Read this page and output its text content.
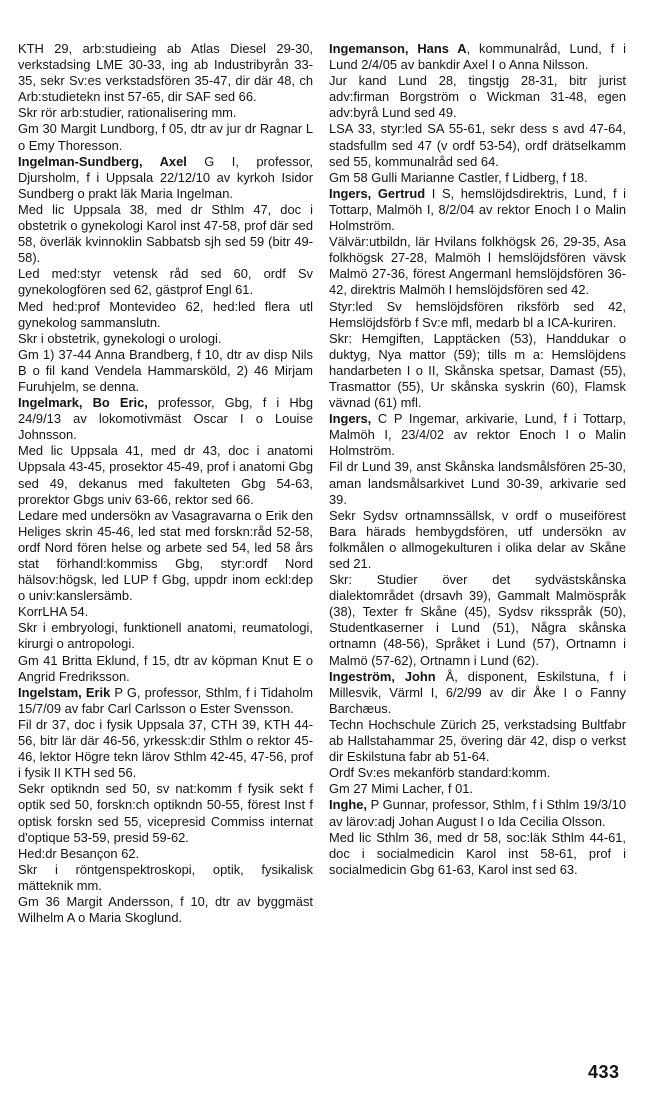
KTH 29, arb:studieing ab Atlas Diesel 29-30, verkstadsing LME 30-33, ing ab Industribyrån 33-35, sekr Sv:es verkstadsfören 35-47, dir där 48, ch Arb:studietekn inst 57-65, dir SAF sed 66.

Skr rör arb:studier, rationalisering mm.

Gm 30 Margit Lundborg, f 05, dtr av jur dr Ragnar L o Emy Thoresson.

Ingelman-Sundberg, Axel G I, professor, Djursholm, f i Uppsala 22/12/10 av kyrkoh Isidor Sundberg o prakt läk Maria Ingelman.

Med lic Uppsala 38, med dr Sthlm 47, doc i obstetrik o gynekologi Karol inst 47-58, prof där sed 58, överläk kvinnoklin Sabbatsb sjh sed 59 (bitr 49-58).

Led med:styr vetensk råd sed 60, ordf Sv gynekologfören sed 62, gästprof Engl 61.

Med hed:prof Montevideo 62, hed:led flera utl gynekolog sammanslutn.

Skr i obstetrik, gynekologi o urologi.

Gm 1) 37-44 Anna Brandberg, f 10, dtr av disp Nils B o fil kand Vendela Hammarsköld, 2) 46 Mirjam Furuhjelm, se denna.

Ingelmark, Bo Eric, professor, Gbg, f i Hbg 24/9/13 av lokomotivmäst Oscar I o Louise Johnsson.

Med lic Uppsala 41, med dr 43, doc i anatomi Uppsala 43-45, prosektor 45-49, prof i anatomi Gbg sed 49, dekanus med fakulteten Gbg 54-63, prorektor Gbgs univ 63-66, rektor sed 66.

Ledare med undersökn av Vasagravarna o Erik den Heliges skrin 45-46, led stat med forskn:råd 52-58, ordf Nord fören helse og arbete sed 54, led 58 års stat förhandl:kommiss Gbg, styr:ordf Nord hälsov:högsk, led LUP f Gbg, uppdr inom eckl:dep o univ:kanslersämb.

KorrLHA 54.

Skr i embryologi, funktionell anatomi, reumatologi, kirurgi o antropologi.

Gm 41 Britta Eklund, f 15, dtr av köpman Knut E o Angrid Fredriksson.

Ingelstam, Erik P G, professor, Sthlm, f i Tidaholm 15/7/09 av fabr Carl Carlsson o Ester Svensson.

Fil dr 37, doc i fysik Uppsala 37, CTH 39, KTH 44-56, bitr lär där 46-56, yrkessk:dir Sthlm o rektor 45-46, lektor Högre tekn lärov Sthlm 42-45, 47-56, prof i fysik II KTH sed 56.

Sekr optikndn sed 50, sv nat:komm f fysik sekt f optik sed 50, forskn:ch optikndn 50-55, förest Inst f optisk forskn sed 55, vicepresid Commiss internat d'optique 53-59, presid 59-62.

Hed:dr Besançon 62.

Skr i röntgenspektroskopi, optik, fysikalisk mätteknik mm.

Gm 36 Margit Andersson, f 10, dtr av byggmäst Wilhelm A o Maria Skoglund.

Ingemanson, Hans A, kommunalråd, Lund, f i Lund 2/4/05 av bankdir Axel I o Anna Nilsson.

Jur kand Lund 28, tingstjg 28-31, bitr jurist adv:firman Borgström o Wickman 31-48, egen adv:byrå Lund sed 49.

LSA 33, styr:led SA 55-61, sekr dess s avd 47-64, stadsfullm sed 47 (v ordf 53-54), ordf drätselkamm sed 55, kommunalråd sed 64.

Gm 58 Gulli Marianne Castler, f Lidberg, f 18.

Ingers, Gertrud I S, hemslöjdsdirektris, Lund, f i Tottarp, Malmöh I, 8/2/04 av rektor Enoch I o Malin Holmström.

Välvär:utbildn, lär Hvilans folkhögsk 26, 29-35, Asa folkhögsk 27-28, Malmöh l hemslöjdsfören vävsk Malmö 27-36, förest Angermanl hemslöjdsfören 36-42, direktris Malmöh I hemslöjdsfören sed 42.

Styr:led Sv hemslöjdsfören riksförb sed 42, Hemslöjdsförb f Sv:e mfl, medarb bl a ICA-kuriren.

Skr: Hemgiften, Lapptäcken (53), Handdukar o duktyg, Nya mattor (59); tills m a: Hemslöjdens handarbeten I o II, Skånska spetsar, Damast (55), Trasmattor (55), Ur skånska syskrin (60), Flamsk vävnad (61) mfl.

Ingers, C P Ingemar, arkivarie, Lund, f i Tottarp, Malmöh I, 23/4/02 av rektor Enoch I o Malin Holmström.

Fil dr Lund 39, anst Skånska landsmålsfören 25-30, aman landsmålsarkivet Lund 30-39, arkivarie sed 39.

Sekr Sydsv ortnamnssällsk, v ordf o museiförest Bara härads hembygdsfören, utf undersökn av folkmålen o allmogekulturen i olika delar av Skåne sed 21.

Skr: Studier över det sydvästskånska dialektområdet (drsavh 39), Gammalt Malmöspråk (38), Texter fr Skåne (45), Sydsv riksspråk (50), Studentkaserner i Lund (51), Några skånska ortnamn (48-56), Språket i Lund (57), Ortnamn i Malmö (57-62), Ortnamn i Lund (62).

Ingeström, John Å, disponent, Eskilstuna, f i Millesvik, Värml I, 6/2/99 av dir Åke I o Fanny Barchæus.

Techn Hochschule Zürich 25, verkstadsing Bultfabr ab Hallstahammar 25, övering där 42, disp o verkst dir Eskilstuna fabr ab 51-64.

Ordf Sv:es mekanförb standard:komm.

Gm 27 Mimi Lacher, f 01.

Inghe, P Gunnar, professor, Sthlm, f i Sthlm 19/3/10 av lärov:adj Johan August I o Ida Cecilia Olsson.

Med lic Sthlm 36, med dr 58, soc:läk Sthlm 44-61, doc i socialmedicin Karol inst 58-61, prof i socialmedicin Gbg 61-63, Karol inst sed 63.

433
